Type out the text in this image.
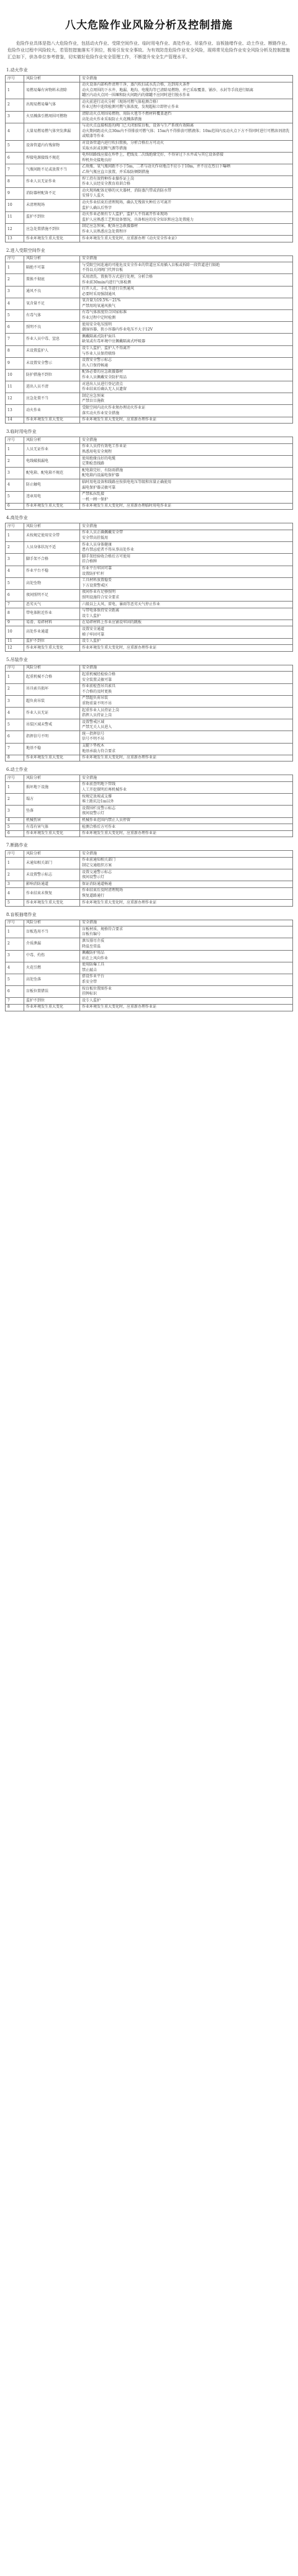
八大危险作业风险分析及控制措施
危险作业具体是指八大危险作业，包括动火作业、受限空间作业、临时用电作业、高处作业、吊装作业、盲板抽堵作业、动土作业、断路作业。危险作业过程中风险较大，若管控措施落实不到位，极易引发安全事故。为有效防范危险作业安全风险，现将常见危险作业安全风险分析及控制措施汇总如下，供各单位参考借鉴，切实做好危险作业安全管理工作，不断提升安全生产管理水平。
1.动火作业
序号	风险分析	安全措施
1	易燃易爆有害物料未清除	动火设备内部构件清理干净，蒸汽吹扫或水洗合格，达到用火条件
动火点周围的下水井、地漏、地沟、电缆沟等已清除易燃物，并已采取覆盖、铺沙、水封等手段进行隔离
罐区内动火点同一围堰和防火间距内的储罐不应同时进行脱水作业

2	出现易燃易爆气体	动火前进行动火分析（现场可燃气体检测合格）
作业过程中连续检测可燃气体浓度，发现超标立即停止作业

3	火星溅落引燃周围可燃物	清除动火点周围易燃物，用防火毯等不燃材料覆盖遮挡
高处动火作业采取防止火花溅落措施

4	大量易燃易燃气体突发泄漏	与动火点直接相连的阀门已关闭加装盲板，设备与生产系统有效隔离
动火期间距动火点30m内不得排放可燃气体；15m内不得排放可燃液体；10m范围内及动火点下方不得同时进行可燃溶剂清洗或喷漆等作业

5	设备管道内有残留物	对设备管道内进行吹扫置换，分析合格后方可动火
采取水封或切断气源等措施

6	焊接电源接线不规范	电焊回路线应接在焊件上，把线及二次线绝缘完好，不得穿过下水井或与其它设备搭接
焊机外壳接地良好

7	气瓶间距不足或放置不当	乙炔瓶、氧气瓶间距不小于5m，二者与动火作业地点不应小于10m，并不应在烈日下曝晒
乙炔气瓶应直立放置，并采取防倾倒措施

8	作业人员无证作业	焊工持有效特种作业操作证上岗
作业人员经安全教育培训合格

9	消防器材配备不足	动火现场配备足够的灭火器材，消防蒸汽带或消防水带
安排专人监火

10	未清理现场	动火作业结束后清理现场，确认无残留火种后方可离开
监护人确认后签字

11	监护不到位	动火作业必须有专人监护，监护人不得离开作业现场
监护人应熟悉工艺和设备情况，具备相应的安全知识和应急处置能力

12	应急处置措施不到位	制定应急预案，配备应急救援器材
作业人员熟悉应急处置程序

13	作业环境发生重大变化	作业环境发生重大变化时，应重新办理《动火安全作业证》
2.进入受限空间作业
序号	风险分析	安全措施
1	隔绝不可靠	与受限空间连通的可能危及安全作业的管道应采用插入盲板或拆除一段管道进行隔绝
不得以关闭阀门代替盲板

2	置换不彻底	采用清洗、置换等方式进行处理，分析合格
作业前30min内进行气体检测

3	通风不良	打开人孔、手孔等进行自然通风
必要时采用强制通风

4	氧含量不足	氧含量为19.5%～21%
严禁用纯氧通风换气

5	有毒气体	有毒气体浓度符合国家标准
作业过程中定时检测

6	照明不良	使用安全电压照明
潮湿容器、狭小容器内作业电压不大于12V

7	作业人员中毒、窒息	佩戴隔离式防护面具
缺氧或有毒环境中应佩戴隔离式呼吸器

8	未设置监护人	设专人监护，监护人不得离开
与作业人员保持联络

9	未设置安全警示	设置安全警示标志
出入口保持畅通

10	防护措施不到位	配备必要的应急救援器材
作业人员佩戴安全防护用品

11	进出人员不清	对进出人员进行登记清点
作业结束后确认无人员遗留

12	应急处置不当	制定应急预案
严禁盲目施救

13	动火作业	受限空间内动火作业须办理动火作业证
落实动火作业安全措施

14	作业环境发生重大变化	作业环境发生重大变化时，应重新办理作业证
3.临时用电作业
序号	风险分析	安全措施
1	人员无证作业	作业人员持有效电工作业证
熟悉用电安全规程

2	电线破损漏电	使用绝缘良好的电缆
定期检查线路

3	配电箱、配电箱不规范	配电箱完好，有防雨措施
配电箱内设漏电保护器

4	防止触电	临时用电设备和线路应按供电电压等级和容量正确使用
漏电保护器灵敏可靠

5	违章用电	严禁私拉乱接
一机一闸一保护

6	作业环境发生重大变化	作业环境发生重大变化时，应重新办理临时用电作业证
4.高处作业
序号	风险分析	安全措施
1	未按规定使用安全带	作业人员正确佩戴安全带
安全带高挂低用

2	人员身体状况不适	作业人员身体健康
患有禁忌症者不得从事高处作业

3	脚手架不合格	脚手架经验收合格后方可使用
挂合格牌

4	作业平台不稳	作业平台牢固可靠
设置防护栏杆

5	高处坠物	工具材料放置稳妥
下方设置警戒区

6	夜间照明不足	夜间作业有足够照明
照明设施符合安全要求

7	恶劣天气	六级以上大风、雷电、暴雨等恶劣天气停止作业

8	带电体附近作业	与带电体保持安全距离
设专人监护

9	易滑、易碎材料	在易碎材料上作业应铺设牢固的跳板

10	高处作业通道	设置安全通道
梯子牢固可靠

11	监护不到位	设专人监护

12	作业环境发生重大变化	作业环境发生重大变化时，应重新办理作业证
5.吊装作业
序号	风险分析	安全措施
1	起重机械不合格	起重机械经检验合格
安全装置灵敏可靠

2	吊具索具损坏	作业前检查吊具索具
不合格的及时更换

3	超负荷吊装	严禁超负荷吊装
重物重量不明不吊

4	作业人员无证	起重作业人员持证上岗
指挥人员持证上岗

5	吊装区域未警戒	设置警戒区域
严禁无关人员进入

6	指挥信号不明	统一指挥信号
信号不明不吊

7	地基不稳	支腿下垫枕木
地基承载力符合要求

8	作业环境发生重大变化	作业环境发生重大变化时，应重新办理作业证
6.动土作业
序号	风险分析	安全措施
1	损坏地下设施	作业前查明地下管线
人工开挖探明后再机械作业

2	塌方	按规定放坡或支撑
堆土距坑边1m以外

3	坠落	设置围栏及警示标志
夜间设警示灯

4	机械伤害	机械作业范围内禁止人员停留

5	有毒有害气体	检测合格后方可作业

6	作业环境发生重大变化	作业环境发生重大变化时，应重新办理作业证
7.断路作业
序号	风险分析	安全措施
1	未通知相关部门	作业前通知相关部门
制定交通组织方案

2	未设置警示标志	设置交通警示标志
夜间设警示灯

3	影响消防通道	保证消防通道畅通

4	作业结束未恢复	作业结束后及时清理现场
恢复道路通行

5	作业环境发生重大变化	作业环境发生重大变化时，应重新办理作业证
8.盲板抽堵作业
序号	风险分析	安全措施
1	盲板选用不当	盲板材质、规格符合要求
盲板有编号

2	介质泄漏	泄压排尽介质
降温至常温

3	中毒、灼伤	佩戴防护用品
站在上风向作业

4	火花引燃	使用防爆工具
禁止敲击

5	高处坠落	搭设作业平台
系安全带

6	盲板位置错误	按盲板位置图作业
挂牌标识

7	监护不到位	设专人监护

8	作业环境发生重大变化	作业环境发生重大变化时，应重新办理作业证
